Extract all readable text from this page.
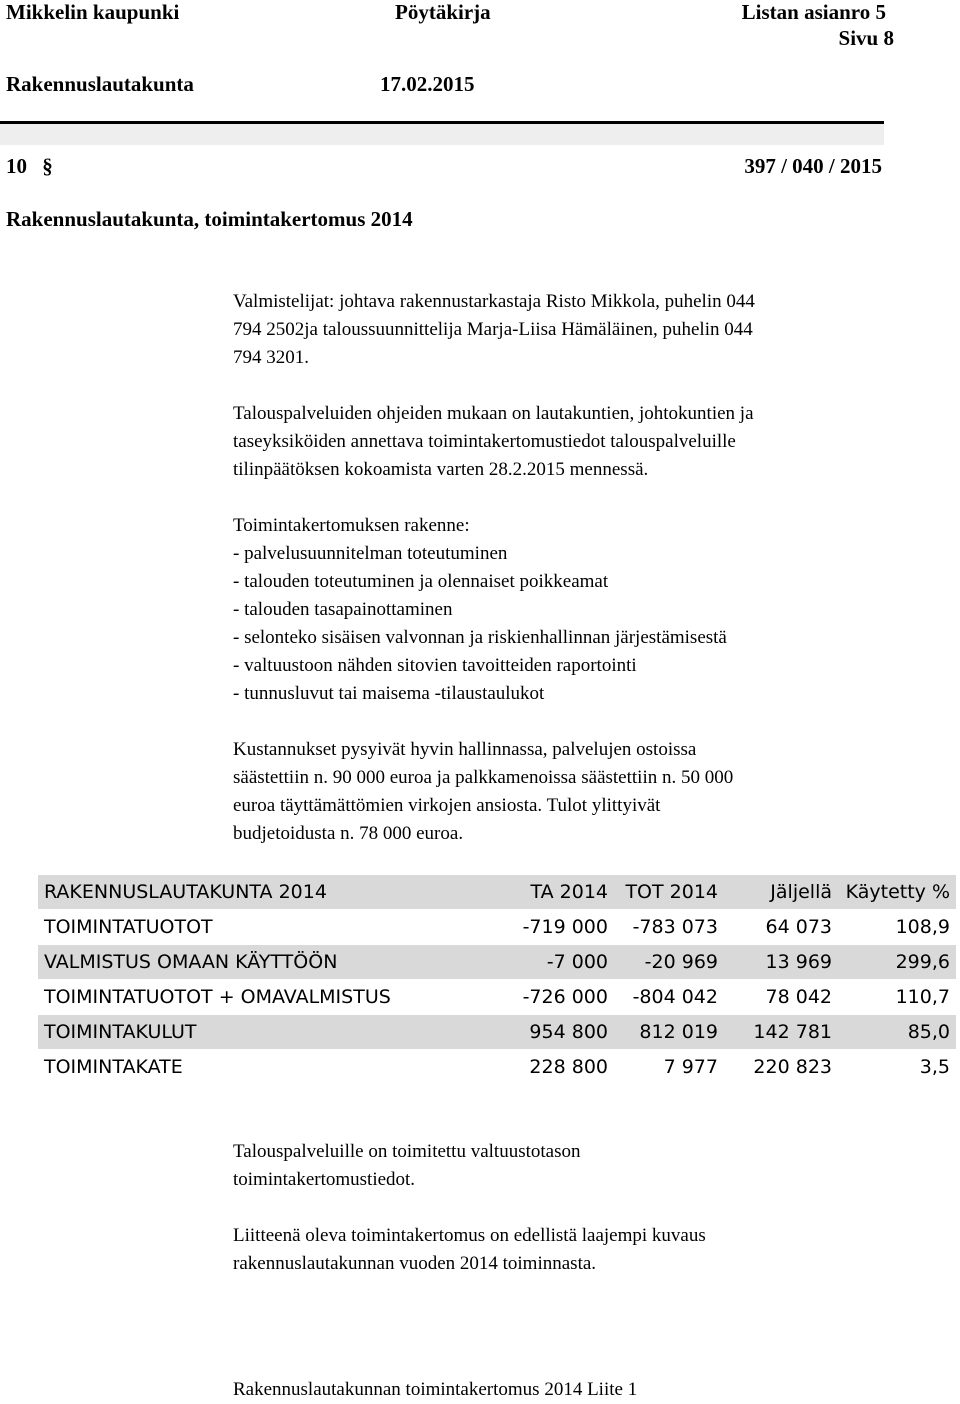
Mikkelin kaupunki	Pöytäkirja	Listan asianro 5
Sivu 8
Rakennuslautakunta	17.02.2015
10 §	397 / 040 / 2015
Rakennuslautakunta, toimintakertomus 2014
Valmistelijat: johtava rakennustarkastaja Risto Mikkola, puhelin 044
794 2502ja taloussuunnittelija Marja-Liisa Hämäläinen, puhelin 044
794 3201.
Talouspalveluiden ohjeiden mukaan on lautakuntien, johtokuntien ja
taseyksiköiden annettava toimintakertomustiedot talouspalveluille
tilinpäätöksen kokoamista varten 28.2.2015 mennessä.
Toimintakertomuksen rakenne:
- palvelusuunnitelman toteutuminen
- talouden toteutuminen ja olennaiset poikkeamat
- talouden tasapainottaminen
- selonteko sisäisen valvonnan ja riskienhallinnan järjestämisestä
- valtuustoon nähden sitovien tavoitteiden raportointi
- tunnusluvut tai maisema -tilaustaulukot
Kustannukset pysyivät hyvin hallinnassa, palvelujen ostoissa
säästettiin n. 90 000 euroa ja palkkamenoissa säästettiin n. 50 000
euroa täyttämättömien virkojen ansiosta. Tulot ylittyivät
budjetoidusta n. 78 000 euroa.
RAKENNUSLAUTAKUNTA 2014	TA 2014	TOT 2014	Jäljellä	Käytetty %
TOIMINTATUOTOT	-719 000	-783 073	64 073	108,9
VALMISTUS OMAAN KÄYTTÖÖN	-7 000	-20 969	13 969	299,6
TOIMINTATUOTOT + OMAVALMISTUS	-726 000	-804 042	78 042	110,7
TOIMINTAKULUT	954 800	812 019	142 781	85,0
TOIMINTAKATE	228 800	7 977	220 823	3,5
Talouspalveluille on toimitettu valtuustotason
toimintakertomustiedot.
Liitteenä oleva toimintakertomus on edellistä laajempi kuvaus
rakennuslautakunnan vuoden 2014 toiminnasta.
Rakennuslautakunnan toimintakertomus 2014 Liite 1
